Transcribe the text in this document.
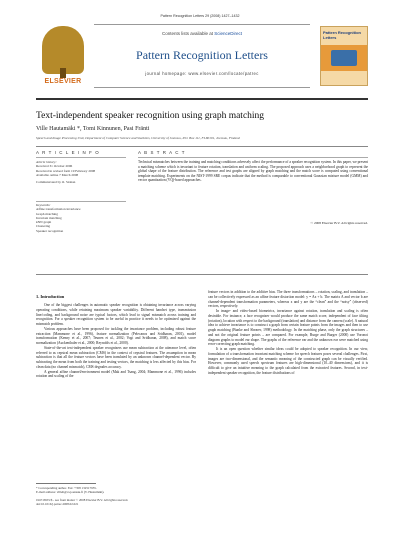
Pattern Recognition Letters 29 (2008) 1427–1432
ELSEVIER
Contents lists available at ScienceDirect
Pattern Recognition Letters
journal homepage: www.elsevier.com/locate/patrec
Pattern Recognition Letters
Text-independent speaker recognition using graph matching
Ville Hautamäki *, Tomi Kinnunen, Pasi Fränti
Speech and Image Processing Unit, Department of Computer Science and Statistics, University of Joensuu, P.O. Box 111, FI-80101, Joensuu, Finland
A R T I C L E I N F O	A B S T R A C T
Article history:
Received 31 October 2006
Received in revised form 19 February 2008
Available online 7 March 2008
Communicated by O. Siohan
Keywords:
Affine transformation invariance
Graph matching
Invariant matching
kNN graph
Clustering
Speaker recognition
Technical mismatches between the training and matching conditions adversely affect the performance of a speaker recognition system. In this paper, we present a matching scheme which is invariant to feature rotation, translation and uniform scaling. The proposed approach uses a neighborhood graph to represent the global shape of the feature distribution. The reference and test graphs are aligned by graph matching and the match score is computed using conventional template matching. Experiments on the NIST-1999 SRE corpus indicate that the method is comparable to conventional Gaussian mixture model (GMM) and vector quantization (VQ)-based approaches.
© 2008 Elsevier B.V. All rights reserved.
1. Introduction

One of the biggest challenges in automatic speaker recognition is obtaining invariance across varying operating conditions, while retaining maximum speaker variability. Different handset type, transmission line/coding, and background noise are typical factors, which lead to signal mismatch across training and recognition. For a speaker recognition system to be useful in practice it needs to be optimized against the mismatch problem.

Various approaches have been proposed for tackling the invariance problem, including robust feature extraction (Mammone et al., 1996), feature normalization (Pelecanos and Sridharan, 2001), model transformation (Kenny et al., 2007; Teunen et al., 2002; Vogt and Sridharan, 2008), and match score normalization (Auckenthaler et al., 2000; Reynolds et al., 2000).

State-of-the-art text-independent speaker recognizers use mean subtraction at the utterance level, often referred to as cepstral mean subtraction (CMS) in the context of cepstral features. The assumption in mean subtraction is that all the feature vectors have been translated by an unknown channel-dependent vector. By subtracting the mean from both the training and testing vectors, the matching is less affected by this bias. For clean data (no channel mismatch), CMS degrades accuracy.

A general affine channel/environment model (Mak and Tsang, 2004; Mammone et al., 1996) includes rotation and scaling of the

feature vectors in addition to the additive bias. The three transformations – rotation, scaling, and translation – can be collectively expressed as an affine feature distortion model: y = Ax + b. The matrix A and vector b are channel-dependent transformation parameters, whereas x and y are the “clean” and the “noisy” (observed) vectors, respectively.

In image- and video-based biometrics, invariance against rotation, translation and scaling is often desirable. For instance, a face recognizer would produce the same match score, independent of face tilting (rotation), location with respect to the background (translation) and distance from the camera (scale). A natural idea to achieve invariance is to construct a graph from certain feature points from the images and then to use graph matching (Bunke and Shearer, 1998) methodology. In the matching phase, only the graph structures – and not the original feature points – are compared. For example, Burge and Burger (2000) use Voronoi diagram graphs to model ear shape. The graphs of the reference ear and the unknown ear were matched using error-correcting graph matching.

It is an open question whether similar ideas could be adopted to speaker recognition. In our view, formulation of a transformation invariant matching scheme for speech features poses several challenges. First, images are two-dimensional, and the semantic meaning of the constructed graph can be visually verified. However, commonly used speech spectrum features are high-dimensional (10–40 dimensions), and it is difficult to give an intuitive meaning to the graph calculated from the extracted features. Second, in text-independent speaker recognition, the feature distributions of

* Corresponding author. Fax: +358 132517955.
E-mail address: villeh@cs.joensuu.fi (V. Hautamäki).
0167-8655/$ - see front matter © 2008 Elsevier B.V. All rights reserved.
doi:10.1016/j.patrec.2008.02.021
